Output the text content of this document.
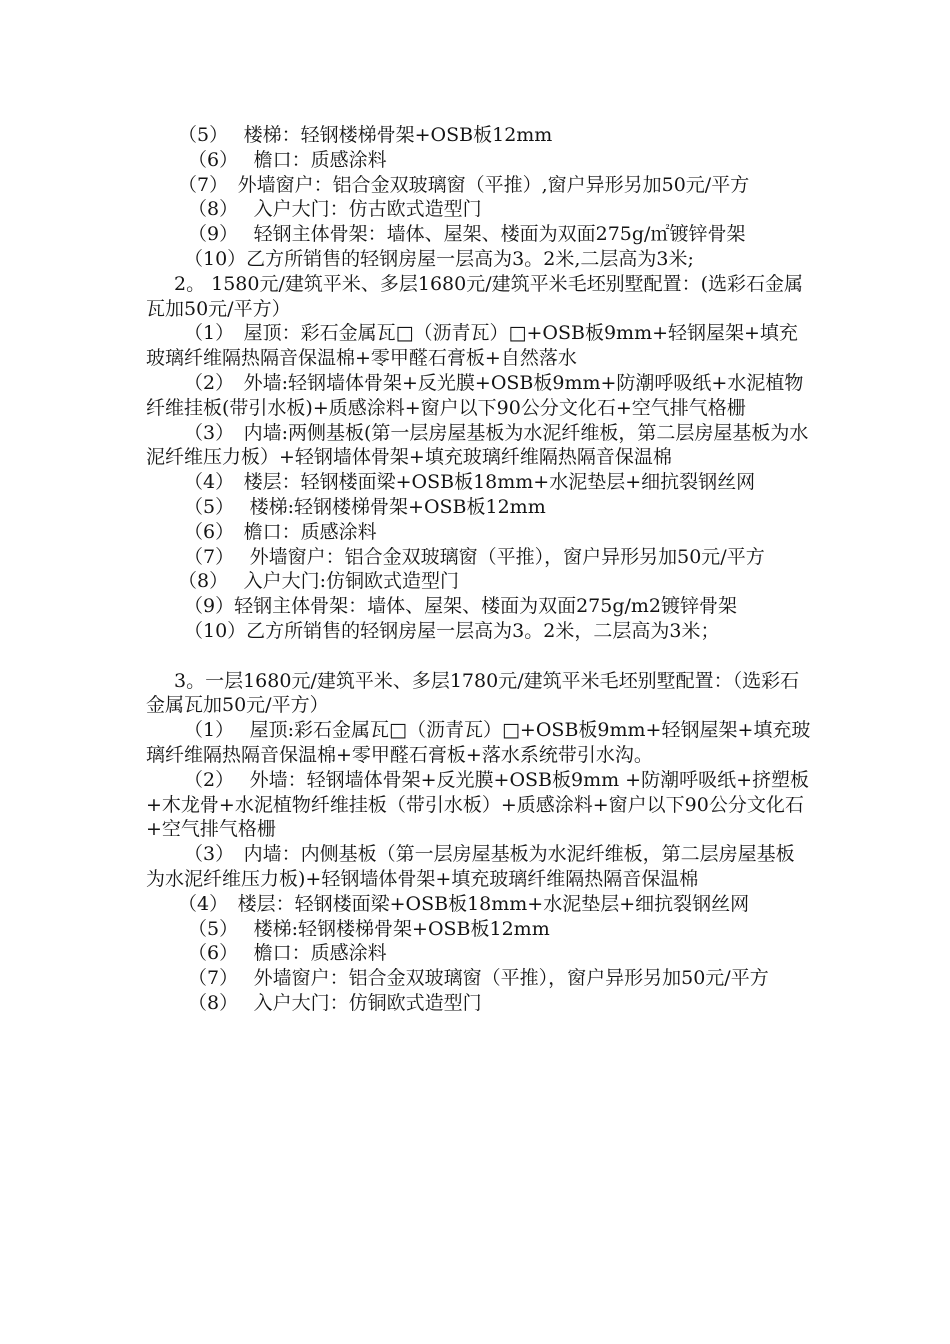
（5）　 楼梯：轻钢楼梯骨架+OSB板12mm

（6）　 檐口：质感涂料

（7）　外墙窗户：铝合金双玻璃窗（平推）,窗户异形另加50元/平方

（8）　 入户大门：仿古欧式造型门

（9）　 轻钢主体骨架：墙体、屋架、楼面为双面275g/㎡镀锌骨架

（10）乙方所销售的轻钢房屋一层高为3。2米,二层高为3米;

2。 1580元/建筑平米、多层1680元/建筑平米毛坯别墅配置：(选彩石金属瓦加50元/平方）

（1）　屋顶：彩石金属瓦□（沥青瓦）□+OSB板9mm+轻钢屋架+填充玻璃纤维隔热隔音保温棉+零甲醛石膏板+自然落水

（2）　外墙:轻钢墙体骨架+反光膜+OSB板9mm+防潮呼吸纸+水泥植物纤维挂板(带引水板)+质感涂料+窗户以下90公分文化石+空气排气格栅

（3）　内墙:两侧基板(第一层房屋基板为水泥纤维板，第二层房屋基板为水泥纤维压力板）+轻钢墙体骨架+填充玻璃纤维隔热隔音保温棉

（4）　楼层：轻钢楼面梁+OSB板18mm+水泥垫层+细抗裂钢丝网

（5）　 楼梯:轻钢楼梯骨架+OSB板12mm

（6）　檐口：质感涂料

（7）　 外墙窗户：铝合金双玻璃窗（平推），窗户异形另加50元/平方

（8）　 入户大门:仿铜欧式造型门

（9）轻钢主体骨架：墙体、屋架、楼面为双面275g/m2镀锌骨架

（10）乙方所销售的轻钢房屋一层高为3。2米，二层高为3米；

3。一层1680元/建筑平米、多层1780元/建筑平米毛坯别墅配置：（选彩石金属瓦加50元/平方）

（1）　 屋顶:彩石金属瓦□（沥青瓦）□+OSB板9mm+轻钢屋架+填充玻璃纤维隔热隔音保温棉+零甲醛石膏板+落水系统带引水沟。

（2）　 外墙：轻钢墙体骨架+反光膜+OSB板9mm +防潮呼吸纸+挤塑板+木龙骨+水泥植物纤维挂板（带引水板）+质感涂料+窗户以下90公分文化石+空气排气格栅

（3）　内墙：内侧基板（第一层房屋基板为水泥纤维板，第二层房屋基板为水泥纤维压力板)+轻钢墙体骨架+填充玻璃纤维隔热隔音保温棉

（4）　楼层：轻钢楼面梁+OSB板18mm+水泥垫层+细抗裂钢丝网

（5）　 楼梯:轻钢楼梯骨架+OSB板12mm

（6）　 檐口：质感涂料

（7）　 外墙窗户：铝合金双玻璃窗（平推），窗户异形另加50元/平方

（8）　 入户大门：仿铜欧式造型门
